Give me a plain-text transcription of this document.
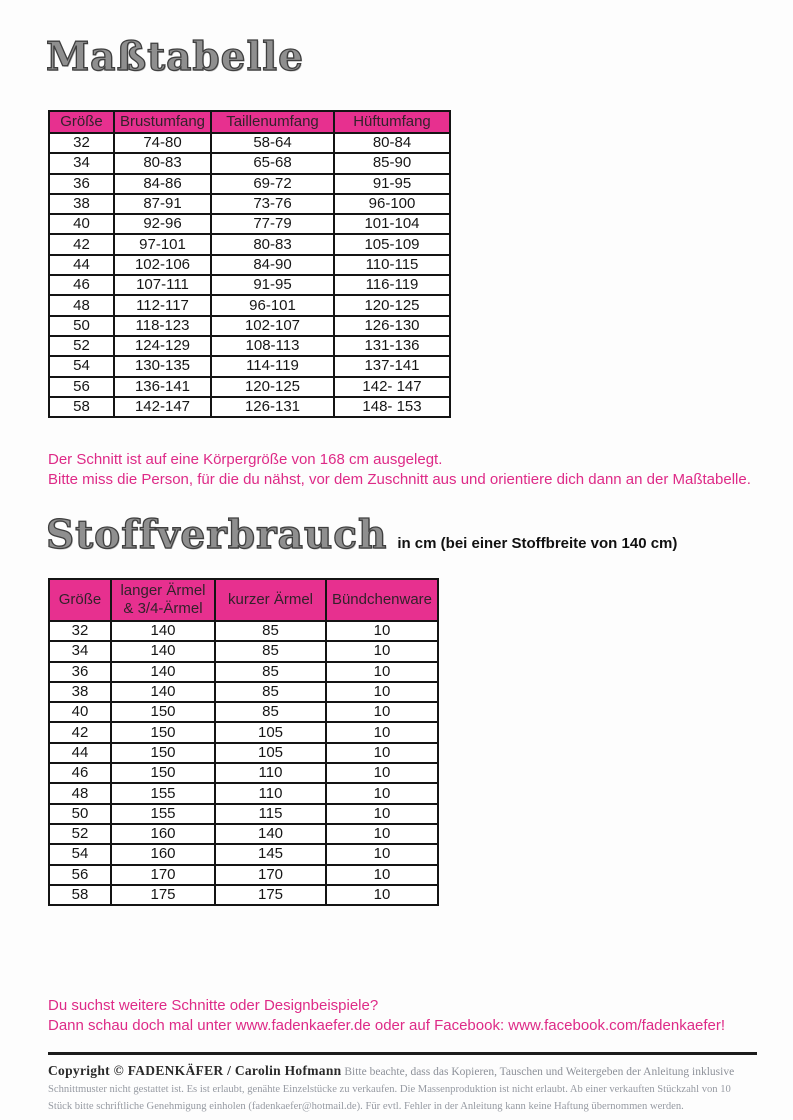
Maßtabelle
Größe	Brustumfang	Taillenumfang	Hüftumfang
32	74-80	58-64	80-84
34	80-83	65-68	85-90
36	84-86	69-72	91-95
38	87-91	73-76	96-100
40	92-96	77-79	101-104
42	97-101	80-83	105-109
44	102-106	84-90	110-115
46	107-111	91-95	116-119
48	112-117	96-101	120-125
50	118-123	102-107	126-130
52	124-129	108-113	131-136
54	130-135	114-119	137-141
56	136-141	120-125	142- 147
58	142-147	126-131	148- 153
Der Schnitt ist auf eine Körpergröße von 168 cm ausgelegt.
Bitte miss die Person, für die du nähst, vor dem Zuschnitt aus und orientiere dich dann an der Maßtabelle.
Stoffverbrauch in cm (bei einer Stoffbreite von 140 cm)
Größe	langer Ärmel & 3/4-Ärmel	kurzer Ärmel	Bündchenware
32	140	85	10
34	140	85	10
36	140	85	10
38	140	85	10
40	150	85	10
42	150	105	10
44	150	105	10
46	150	110	10
48	155	110	10
50	155	115	10
52	160	140	10
54	160	145	10
56	170	170	10
58	175	175	10
Du suchst weitere Schnitte oder Designbeispiele?
Dann schau doch mal unter www.fadenkaefer.de oder auf Facebook: www.facebook.com/fadenkaefer!
Copyright © FADENKÄFER / Carolin Hofmann Bitte beachte, dass das Kopieren, Tauschen und Weitergeben der Anleitung inklusive
Schnittmuster nicht gestattet ist. Es ist erlaubt, genähte Einzelstücke zu verkaufen. Die Massenproduktion ist nicht erlaubt. Ab einer verkauften Stückzahl von 10
Stück bitte schriftliche Genehmigung einholen (fadenkaefer@hotmail.de). Für evtl. Fehler in der Anleitung kann keine Haftung übernommen werden.
